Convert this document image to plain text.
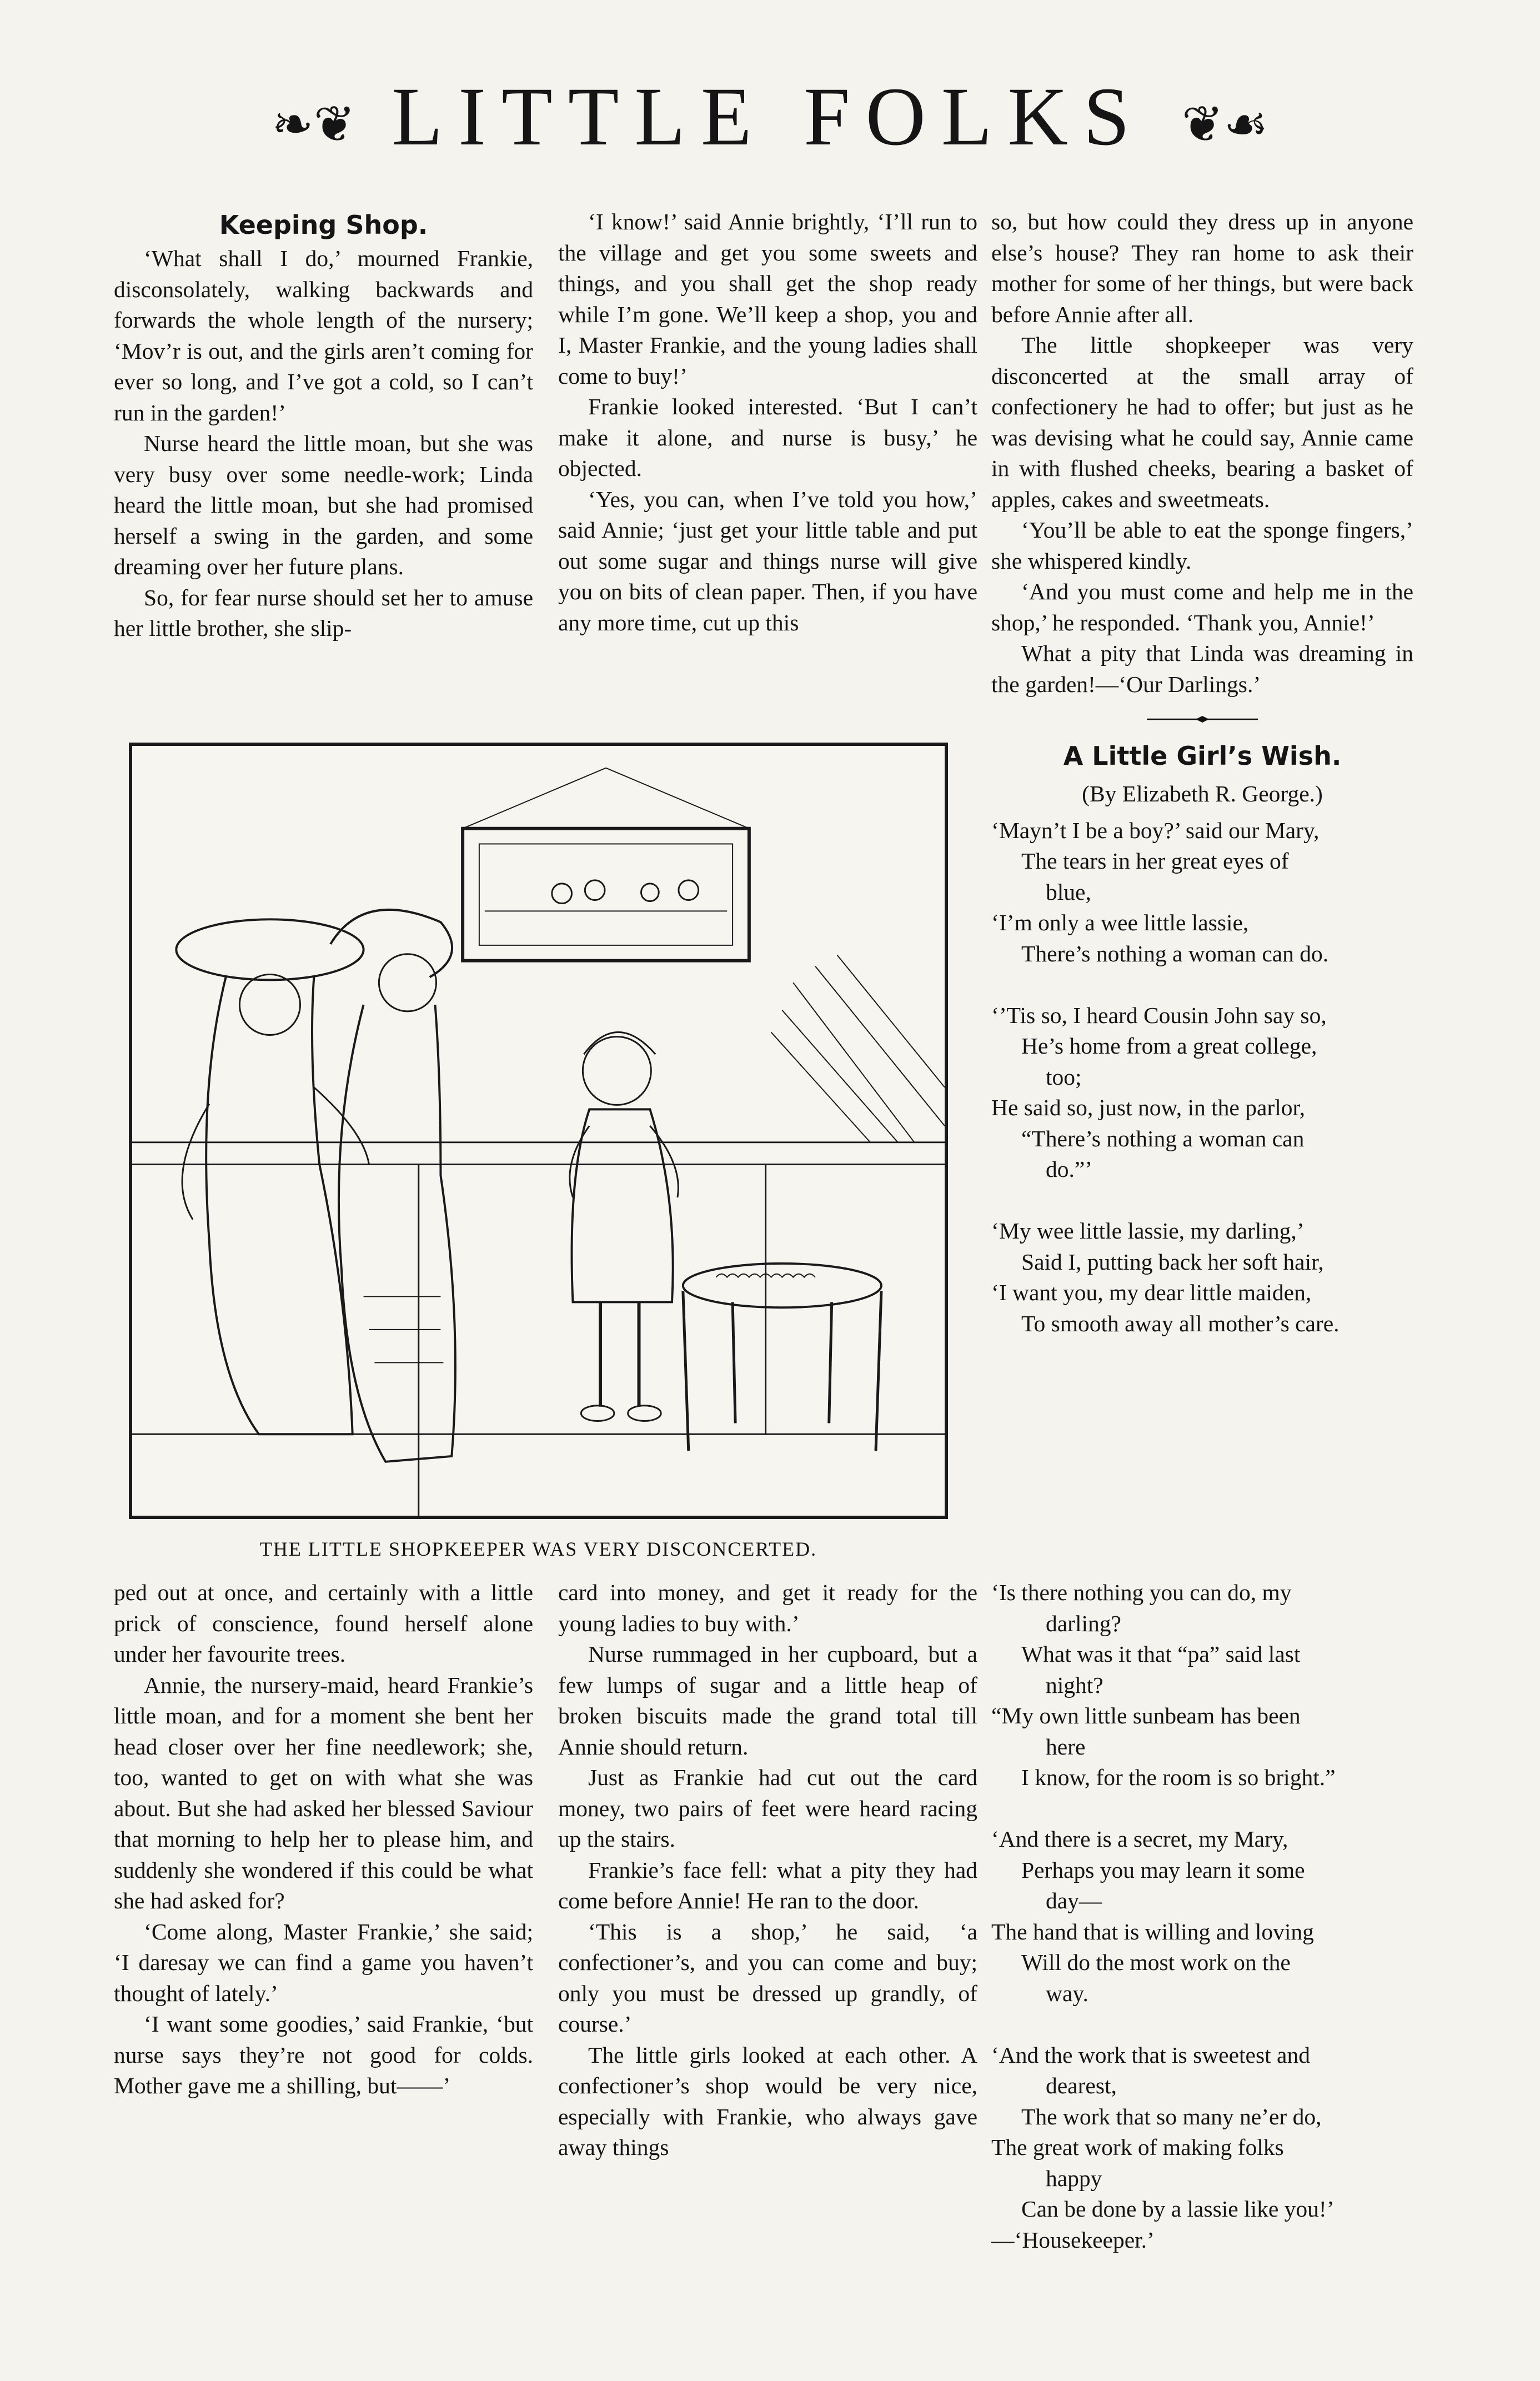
❧❦ LITTLE FOLKS ❦☙
Keeping Shop.

‘What shall I do,’ mourned Frankie, disconsolately, walking backwards and forwards the whole length of the nursery; ‘Mov’r is out, and the girls aren’t coming for ever so long, and I’ve got a cold, so I can’t run in the garden!’

Nurse heard the little moan, but she was very busy over some needle-work; Linda heard the little moan, but she had promised herself a swing in the garden, and some dreaming over her future plans.

So, for fear nurse should set her to amuse her little brother, she slip-

‘I know!’ said Annie brightly, ‘I’ll run to the village and get you some sweets and things, and you shall get the shop ready while I’m gone. We’ll keep a shop, you and I, Master Frankie, and the young ladies shall come to buy!’

Frankie looked interested. ‘But I can’t make it alone, and nurse is busy,’ he objected.

‘Yes, you can, when I’ve told you how,’ said Annie; ‘just get your little table and put out some sugar and things nurse will give you on bits of clean paper. Then, if you have any more time, cut up this

so, but how could they dress up in anyone else’s house? They ran home to ask their mother for some of her things, but were back before Annie after all.

The little shopkeeper was very disconcerted at the small array of confectionery he had to offer; but just as he was devising what he could say, Annie came in with flushed cheeks, bearing a basket of apples, cakes and sweetmeats.

‘You’ll be able to eat the sponge fingers,’ she whispered kindly.

‘And you must come and help me in the shop,’ he responded. ‘Thank you, Annie!’

What a pity that Linda was dreaming in the garden!—‘Our Darlings.’

A Little Girl’s Wish.
(By Elizabeth R. George.)
‘Mayn’t I be a boy?’ said our Mary,
The tears in her great eyes of
blue,
‘I’m only a wee little lassie,
There’s nothing a woman can do.
‘’Tis so, I heard Cousin John say so,
He’s home from a great college,
too;
He said so, just now, in the parlor,
“There’s nothing a woman can
do.”’
‘My wee little lassie, my darling,’
Said I, putting back her soft hair,
‘I want you, my dear little maiden,
To smooth away all mother’s care.
THE LITTLE SHOPKEEPER WAS VERY DISCONCERTED.

ped out at once, and certainly with a little prick of conscience, found herself alone under her favourite trees.

Annie, the nursery-maid, heard Frankie’s little moan, and for a moment she bent her head closer over her fine needlework; she, too, wanted to get on with what she was about. But she had asked her blessed Saviour that morning to help her to please him, and suddenly she wondered if this could be what she had asked for?

‘Come along, Master Frankie,’ she said; ‘I daresay we can find a game you haven’t thought of lately.’

‘I want some goodies,’ said Frankie, ‘but nurse says they’re not good for colds. Mother gave me a shilling, but——’

card into money, and get it ready for the young ladies to buy with.’

Nurse rummaged in her cupboard, but a few lumps of sugar and a little heap of broken biscuits made the grand total till Annie should return.

Just as Frankie had cut out the card money, two pairs of feet were heard racing up the stairs.

Frankie’s face fell: what a pity they had come before Annie! He ran to the door.

‘This is a shop,’ he said, ‘a confectioner’s, and you can come and buy; only you must be dressed up grandly, of course.’

The little girls looked at each other. A confectioner’s shop would be very nice, especially with Frankie, who always gave away things

‘Is there nothing you can do, my
darling?
What was it that “pa” said last
night?
“My own little sunbeam has been
here
I know, for the room is so bright.”
‘And there is a secret, my Mary,
Perhaps you may learn it some
day—
The hand that is willing and loving
Will do the most work on the
way.
‘And the work that is sweetest and
dearest,
The work that so many ne’er do,
The great work of making folks
happy
Can be done by a lassie like you!’
—‘Housekeeper.’
